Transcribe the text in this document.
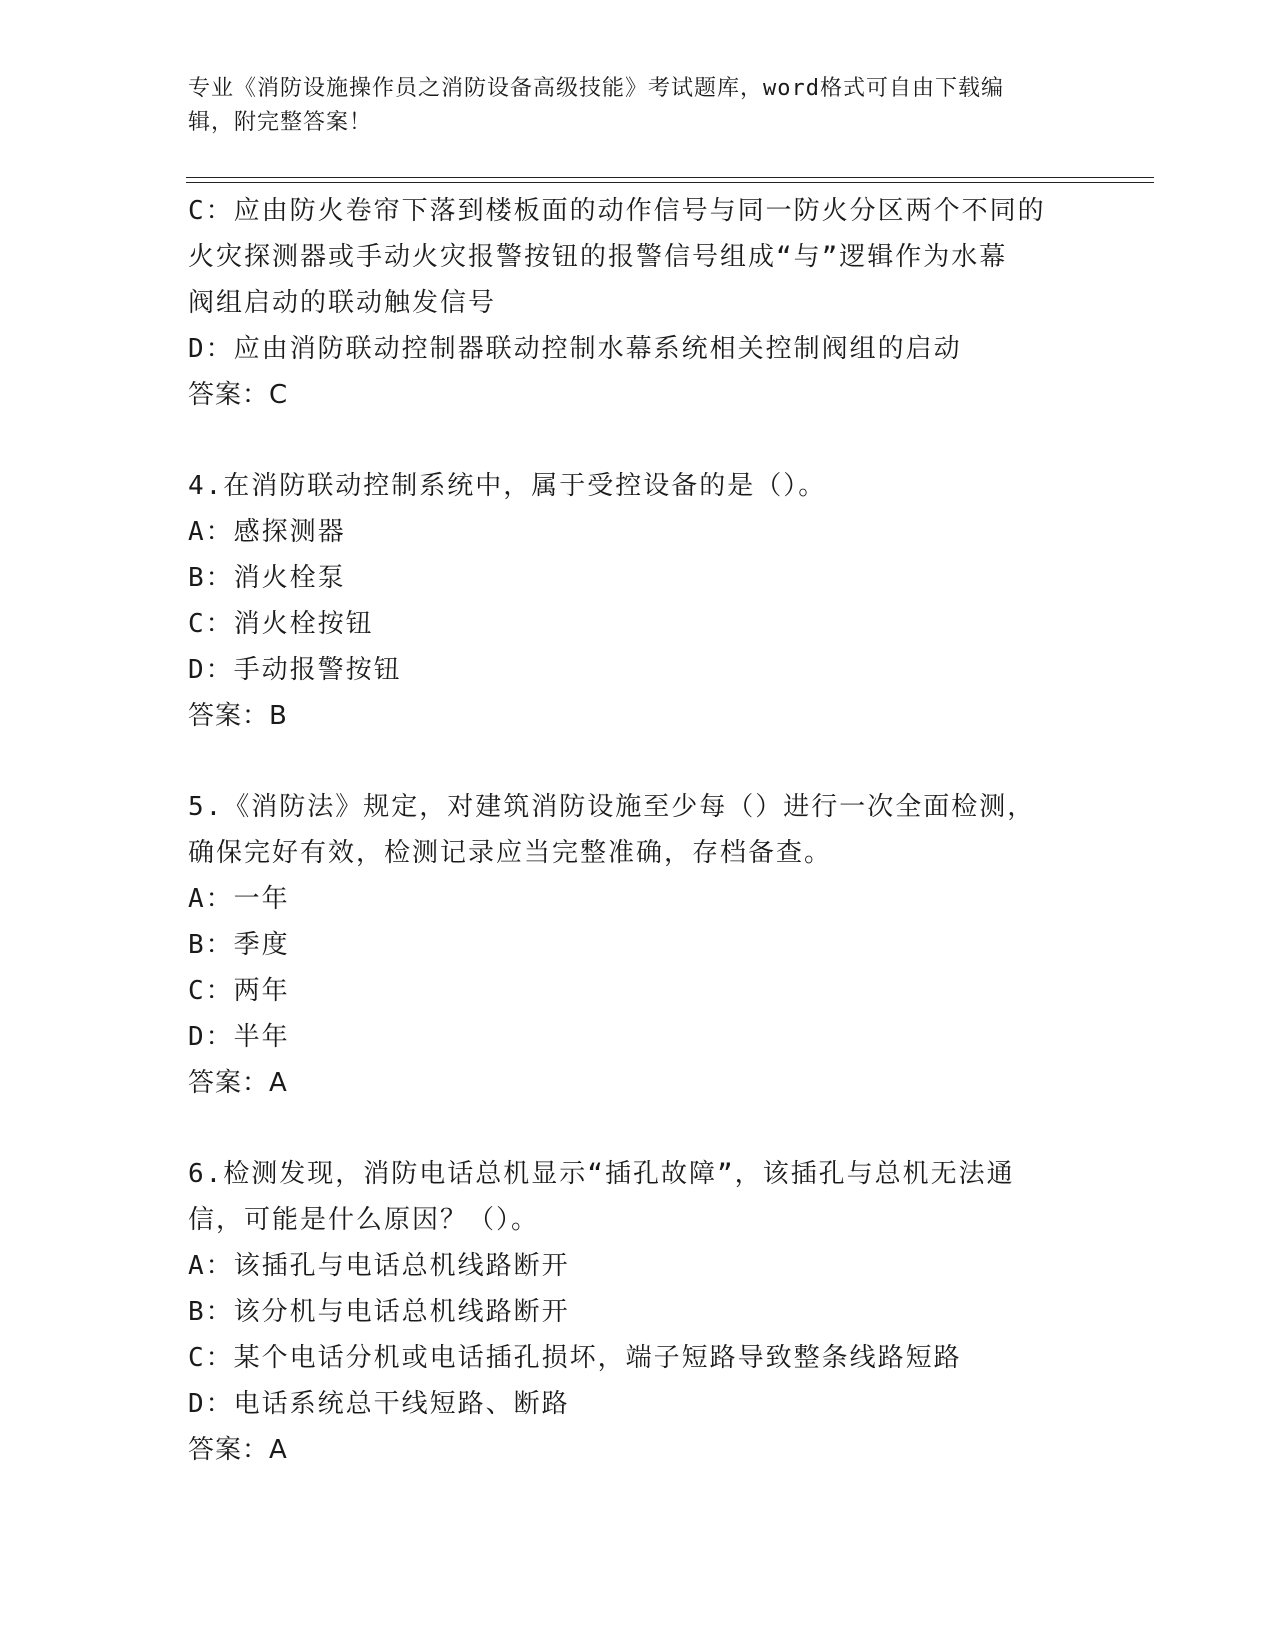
专业《消防设施操作员之消防设备高级技能》考试题库，word格式可自由下载编
辑，附完整答案！
C：应由防火卷帘下落到楼板面的动作信号与同一防火分区两个不同的
火灾探测器或手动火灾报警按钮的报警信号组成“与”逻辑作为水幕
阀组启动的联动触发信号
D：应由消防联动控制器联动控制水幕系统相关控制阀组的启动
答案：C
4.在消防联动控制系统中，属于受控设备的是（）。
A：感探测器
B：消火栓泵
C：消火栓按钮
D：手动报警按钮
答案：B
5.《消防法》规定，对建筑消防设施至少每（）进行一次全面检测，
确保完好有效，检测记录应当完整准确，存档备查。
A：一年
B：季度
C：两年
D：半年
答案：A
6.检测发现，消防电话总机显示“插孔故障”，该插孔与总机无法通
信，可能是什么原因？（）。
A：该插孔与电话总机线路断开
B：该分机与电话总机线路断开
C：某个电话分机或电话插孔损坏，端子短路导致整条线路短路
D：电话系统总干线短路、断路
答案：A
